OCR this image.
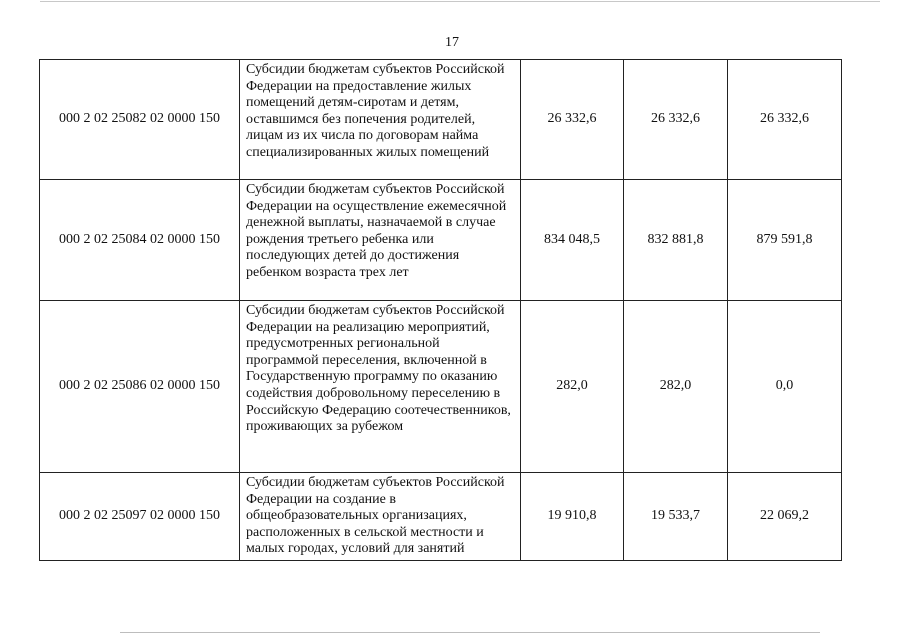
17
000 2 02 25082 02 0000 150	Субсидии бюджетам субъектов Российской Федерации на предоставление жилых помещений детям-сиротам и детям, оставшимся без попечения родителей, лицам из их числа по договорам найма специализированных жилых помещений	26 332,6	26 332,6	26 332,6
000 2 02 25084 02 0000 150	Субсидии бюджетам субъектов Российской Федерации на осуществление ежемесячной денежной выплаты, назначаемой в случае рождения третьего ребенка или последующих детей до достижения ребенком возраста трех лет	834 048,5	832 881,8	879 591,8
000 2 02 25086 02 0000 150	Субсидии бюджетам субъектов Российской Федерации на реализацию мероприятий, предусмотренных региональной программой переселения, включенной в Государственную программу по оказанию содействия добровольному переселению в Российскую Федерацию соотечественников, проживающих за рубежом	282,0	282,0	0,0
000 2 02 25097 02 0000 150	Субсидии бюджетам субъектов Российской Федерации на создание в общеобразовательных организациях, расположенных в сельской местности и малых городах, условий для занятий	19 910,8	19 533,7	22 069,2
